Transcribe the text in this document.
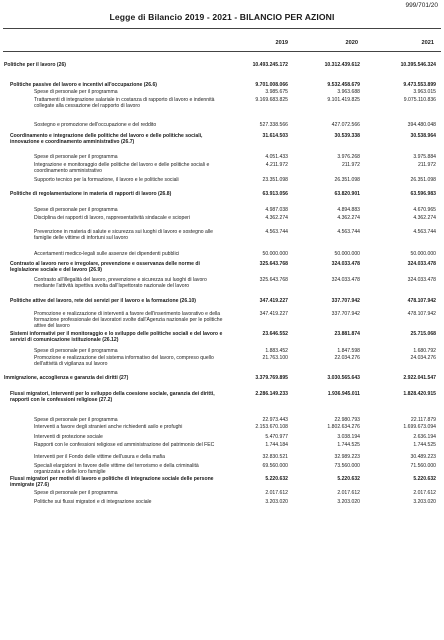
999/701/20
Legge di Bilancio 2019 - 2021 - BILANCIO PER AZIONI
2019	2020	2021
Politiche per il lavoro (26)	10.493.245.172	10.312.439.612	10.395.546.324
Politiche passive del lavoro e incentivi all'occupazione (26.6)	9.701.008.066	9.532.458.679	9.473.553.899
Spese di personale per il programma	3.985.675	3.963.688	3.963.015
Trattamenti di integrazione salariale in costanza di rapporto di lavoro e indennità collegate alla cessazione del rapporto di lavoro
9.169.683.825	9.101.419.825	9.075.110.836
Sostegno e promozione dell'occupazione e del reddito	527.338.566	427.072.566	394.480.048
Coordinamento e integrazione delle politiche del lavoro e delle politiche sociali, innovazione e coordinamento amministrativo (26.7)
31.614.503	30.539.338	30.538.964
Spese di personale per il programma	4.051.433	3.976.268	3.975.884
Integrazione e monitoraggio delle politiche del lavoro e delle politiche sociali e coordinamento amministrativo
4.211.972	211.972	211.972
Supporto tecnico per la formazione, il lavoro e le politiche sociali	23.351.098	26.351.098	26.351.098
Politiche di regolamentazione in materia di rapporti di lavoro (26.8)	63.913.056	63.820.901	63.596.983
Spese di personale per il programma	4.987.038	4.894.883	4.670.965
Disciplina dei rapporti di lavoro, rappresentatività sindacale e scioperi	4.362.274	4.362.274	4.362.274
Prevenzione in materia di salute e sicurezza sui luoghi di lavoro e sostegno alle famiglie delle vittime di infortuni sul lavoro
4.563.744	4.563.744	4.563.744
Accertamenti medico-legali sulle assenze dei dipendenti pubblici	50.000.000	50.000.000	50.000.000
Contrasto al lavoro nero e irregolare, prevenzione e osservanza delle norme di legislazione sociale e del lavoro (26.9)
325.643.768	324.033.478	324.033.478
Contrasto all'illegalità del lavoro, prevenzione e sicurezza sui luoghi di lavoro mediante l'attività ispettiva svolta dall'Ispettorato nazionale del lavoro
325.643.768	324.033.478	324.033.478
Politiche attive del lavoro, rete dei servizi per il lavoro e la formazione (26.10)	347.419.227	337.707.942	478.107.942
Promozione e realizzazione di interventi a favore dell'inserimento lavorativo e della formazione professionale dei lavoratori svolte dall'Agenzia nazionale per le politiche attive del lavoro
347.419.227	337.707.942	478.107.942
Sistemi informativi per il monitoraggio e lo sviluppo delle politiche sociali e del lavoro e servizi di comunicazione istituzionale (26.12)
23.646.552	23.881.874	25.715.068
Spese di personale per il programma	1.883.452	1.847.598	1.680.792
Promozione e realizzazione del sistema informativo del lavoro, compreso quello dell'attività di vigilanza sul lavoro
21.763.100	22.034.276	24.034.276
Immigrazione, accoglienza e garanzia dei diritti (27)	3.379.769.895	3.030.565.643	2.922.041.547
Flussi migratori, interventi per lo sviluppo della coesione sociale, garanzia dei diritti, rapporti con le confessioni religiose (27.2)
2.286.149.233	1.936.945.011	1.828.420.915
Spese di personale per il programma	22.973.443	22.980.793	22.117.879
Interventi a favore degli stranieri anche richiedenti asilo e profughi	2.153.670.108	1.802.634.276	1.699.673.094
Interventi di protezione sociale	5.470.977	3.038.194	2.636.194
Rapporti con le confessioni religiose ed amministrazione del patrimonio del FEC	1.744.184	1.744.525	1.744.525
Interventi per il Fondo delle vittime dell'usura e della mafia	32.830.521	32.989.223	30.489.223
Speciali elargizioni in favore delle vittime del terrorismo e della criminalità organizzata e delle loro famiglie
69.560.000	73.560.000	71.560.000
Flussi migratori per motivi di lavoro e politiche di integrazione sociale delle persone immigrate (27.6)
5.220.632	5.220.632	5.220.632
Spese di personale per il programma	2.017.612	2.017.612	2.017.612
Politiche sui flussi migratori e di integrazione sociale	3.203.020	3.203.020	3.203.020
